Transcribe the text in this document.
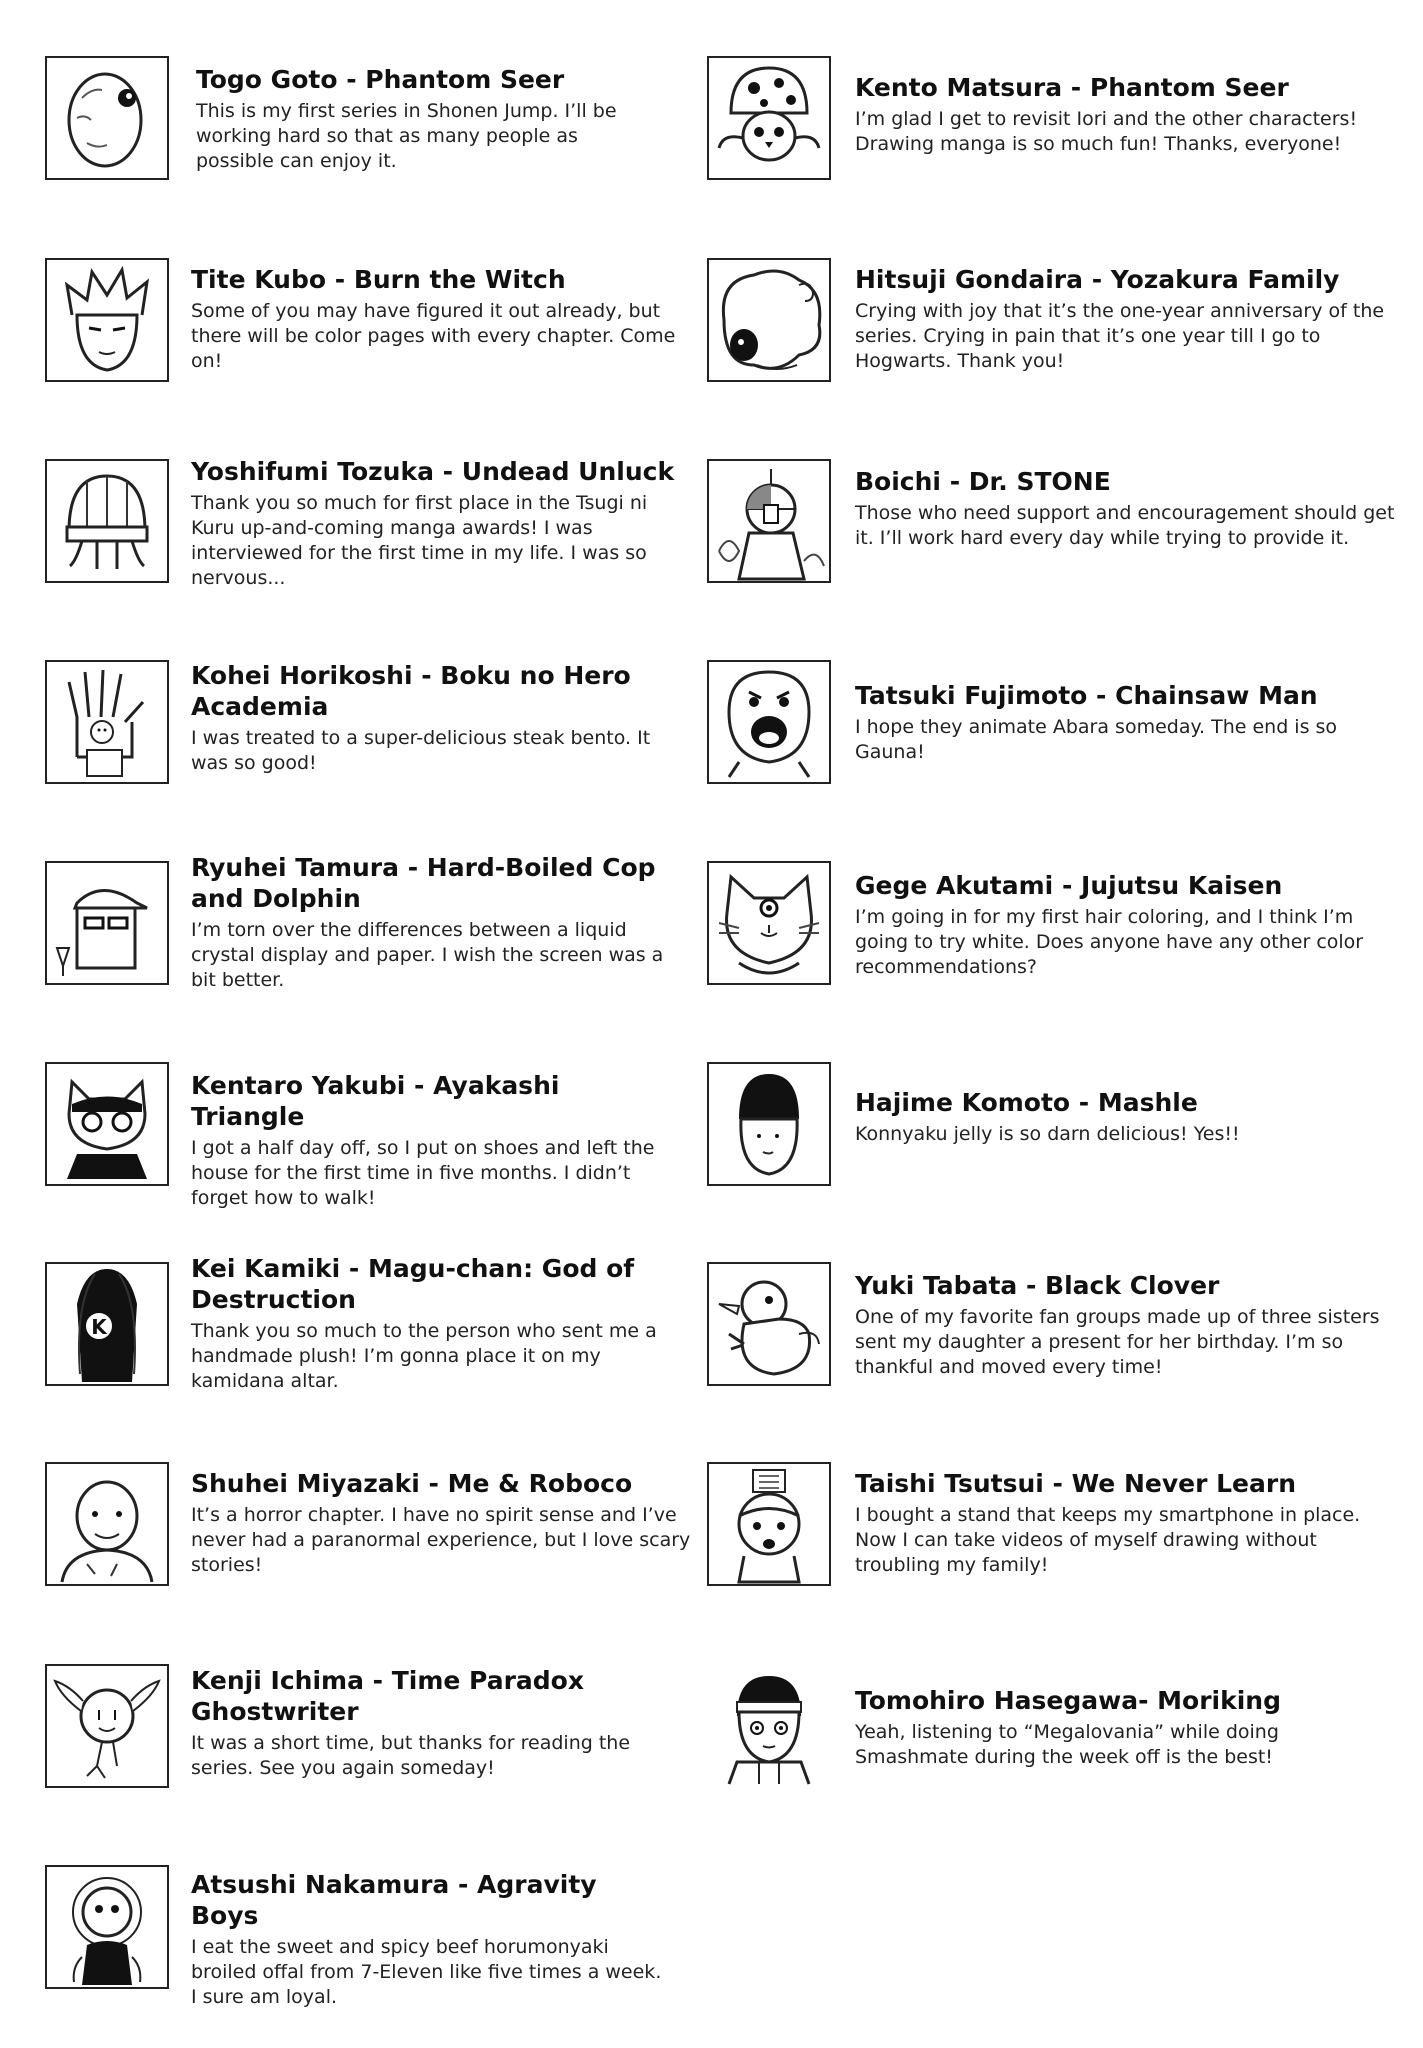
Togo Goto - Phantom Seer

This is my first series in Shonen Jump. I’ll be working hard so that as many people as possible can enjoy it.

Tite Kubo - Burn the Witch

Some of you may have figured it out already, but there will be color pages with every chapter. Come on!

Yoshifumi Tozuka - Undead Unluck

Thank you so much for first place in the Tsugi ni Kuru up-and-coming manga awards! I was interviewed for the first time in my life. I was so nervous...

Kohei Horikoshi - Boku no Hero Academia

I was treated to a super-delicious steak bento. It was so good!

Ryuhei Tamura - Hard-Boiled Cop and Dolphin

I’m torn over the differences between a liquid crystal display and paper. I wish the screen was a bit better.

Kentaro Yakubi - Ayakashi Triangle

I got a half day off, so I put on shoes and left the house for the first time in five months. I didn’t forget how to walk!

K
Kei Kamiki - Magu-chan: God of Destruction

Thank you so much to the person who sent me a handmade plush! I’m gonna place it on my kamidana altar.

Shuhei Miyazaki - Me & Roboco

It’s a horror chapter. I have no spirit sense and I’ve never had a paranormal experience, but I love scary stories!

Kenji Ichima - Time Paradox Ghostwriter

It was a short time, but thanks for reading the series. See you again someday!

Atsushi Nakamura - Agravity Boys

I eat the sweet and spicy beef horumonyaki broiled offal from 7-Eleven like five times a week. I sure am loyal.

Kento Matsura - Phantom Seer

I’m glad I get to revisit Iori and the other characters! Drawing manga is so much fun! Thanks, everyone!

Hitsuji Gondaira - Yozakura Family

Crying with joy that it’s the one-year anniversary of the series. Crying in pain that it’s one year till I go to Hogwarts. Thank you!

Boichi - Dr. STONE

Those who need support and encouragement should get it. I’ll work hard every day while trying to provide it.

Tatsuki Fujimoto - Chainsaw Man

I hope they animate Abara someday. The end is so Gauna!

Gege Akutami - Jujutsu Kaisen

I’m going in for my first hair coloring, and I think I’m going to try white. Does anyone have any other color recommendations?

Hajime Komoto - Mashle

Konnyaku jelly is so darn delicious! Yes!!

Yuki Tabata - Black Clover

One of my favorite fan groups made up of three sisters sent my daughter a present for her birthday. I’m so thankful and moved every time!

Taishi Tsutsui - We Never Learn

I bought a stand that keeps my smartphone in place. Now I can take videos of myself drawing without troubling my family!

Tomohiro Hasegawa- Moriking

Yeah, listening to “Megalovania” while doing Smashmate during the week off is the best!
